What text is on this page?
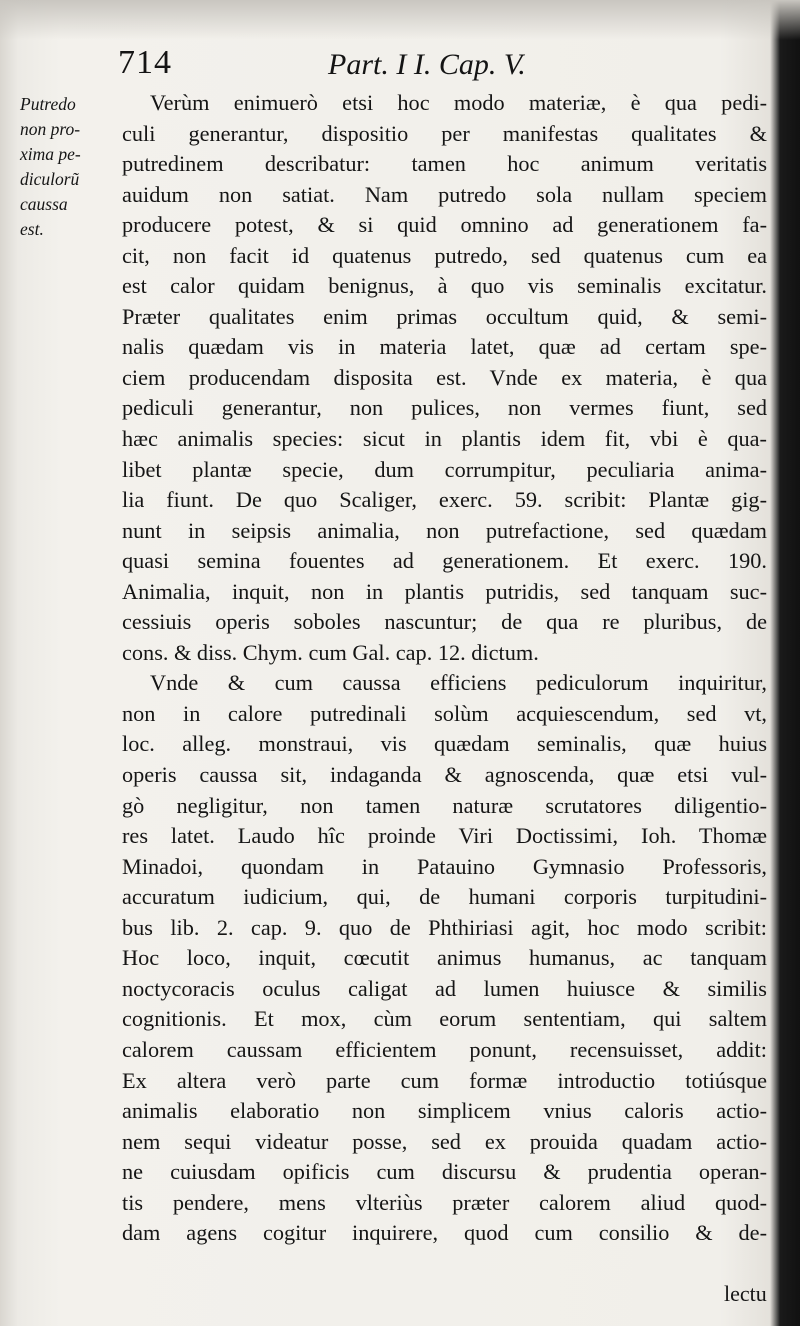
714	Part. I I. Cap. V.
Putredo
non pro-
xima pe-
diculorũ
caussa
est.
Verùm enimuerò etsi hoc modo materiæ, è qua pedi-
culi generantur, dispositio per manifestas qualitates &
putredinem describatur: tamen hoc animum veritatis
auidum non satiat. Nam putredo sola nullam speciem
producere potest, & si quid omnino ad generationem fa-
cit, non facit id quatenus putredo, sed quatenus cum ea
est calor quidam benignus, à quo vis seminalis excitatur.
Præter qualitates enim primas occultum quid, & semi-
nalis quædam vis in materia latet, quæ ad certam spe-
ciem producendam disposita est. Vnde ex materia, è qua
pediculi generantur, non pulices, non vermes fiunt, sed
hæc animalis species: sicut in plantis idem fit, vbi è qua-
libet plantæ specie, dum corrumpitur, peculiaria anima-
lia fiunt. De quo Scaliger, exerc. 59. scribit: Plantæ gig-
nunt in seipsis animalia, non putrefactione, sed quædam
quasi semina fouentes ad generationem. Et exerc. 190.
Animalia, inquit, non in plantis putridis, sed tanquam suc-
cessiuis operis soboles nascuntur; de qua re pluribus, de
cons. & diss. Chym. cum Gal. cap. 12. dictum.
Vnde & cum caussa efficiens pediculorum inquiritur,
non in calore putredinali solùm acquiescendum, sed vt,
loc. alleg. monstraui, vis quædam seminalis, quæ huius
operis caussa sit, indaganda & agnoscenda, quæ etsi vul-
gò negligitur, non tamen naturæ scrutatores diligentio-
res latet. Laudo hîc proinde Viri Doctissimi, Ioh. Thomæ
Minadoi, quondam in Patauino Gymnasio Professoris,
accuratum iudicium, qui, de humani corporis turpitudini-
bus lib. 2. cap. 9. quo de Phthiriasi agit, hoc modo scribit:
Hoc loco, inquit, cœcutit animus humanus, ac tanquam
noctycoracis oculus caligat ad lumen huiusce & similis
cognitionis. Et mox, cùm eorum sententiam, qui saltem
calorem caussam efficientem ponunt, recensuisset, addit:
Ex altera verò parte cum formæ introductio totiúsque
animalis elaboratio non simplicem vnius caloris actio-
nem sequi videatur posse, sed ex prouida quadam actio-
ne cuiusdam opificis cum discursu & prudentia operan-
tis pendere, mens vlteriùs præter calorem aliud quod-
dam agens cogitur inquirere, quod cum consilio & de-
lectu
